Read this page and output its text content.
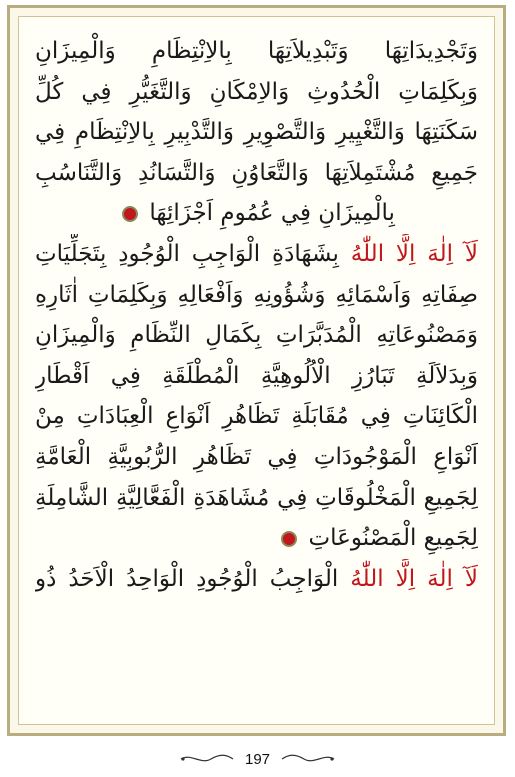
وَتَجْدِيدَاتِهَا وَتَبْدِيلاَتِهَا بِالاِنْتِظَامِ وَالْمِيزَانِ
وَبِكَلِمَاتِ الْحُدُوثِ وَالاِمْكَانِ وَالتَّغَيُّرِ فِي كُلِّ
سَكَنَتِهَا وَالتَّغْيِيرِ وَالتَّصْوِيرِ وَالتَّدْبِيرِ بِالاِنْتِظَامِ فِي
جَمِيعِ مُشْتَمِلاَتِهَا وَالتَّعَاوُنِ وَالتَّسَانُدِ وَالتَّنَاسُبِ
بِالْمِيزَانِ فِي عُمُومِ اَجْزَائِهَا
لَآ اِلٰهَ اِلَّا اللّٰهُ بِشَهَادَةِ الْوَاجِبِ الْوُجُودِ بِتَجَلِّيَاتِ
صِفَاتِهِ وَاَسْمَائِهِ وَشُؤُونِهِ وَاَفْعَالِهِ وَبِكَلِمَاتِ اٰثَارِهِ
وَمَصْنُوعَاتِهِ الْمُدَبَّرَاتِ بِكَمَالِ النِّظَامِ وَالْمِيزَانِ
وَبِدَلاَلَةِ تَبَارُزِ الْاُلُوهِيَّةِ الْمُطْلَقَةِ فِي اَقْطَارِ
الْكَائِنَاتِ فِي مُقَابَلَةِ تَظَاهُرِ اَنْوَاعِ الْعِبَادَاتِ مِنْ
اَنْوَاعِ الْمَوْجُودَاتِ فِي تَظَاهُرِ الرُّبُوبِيَّةِ الْعَامَّةِ
لِجَمِيعِ الْمَخْلُوقَاتِ فِي مُشَاهَدَةِ الْفَعَّالِيَّةِ الشَّامِلَةِ
لِجَمِيعِ الْمَصْنُوعَاتِ
لَآ اِلٰهَ اِلَّا اللّٰهُ الْوَاجِبُ الْوُجُودِ الْوَاحِدُ الْاَحَدُ ذُو
197
